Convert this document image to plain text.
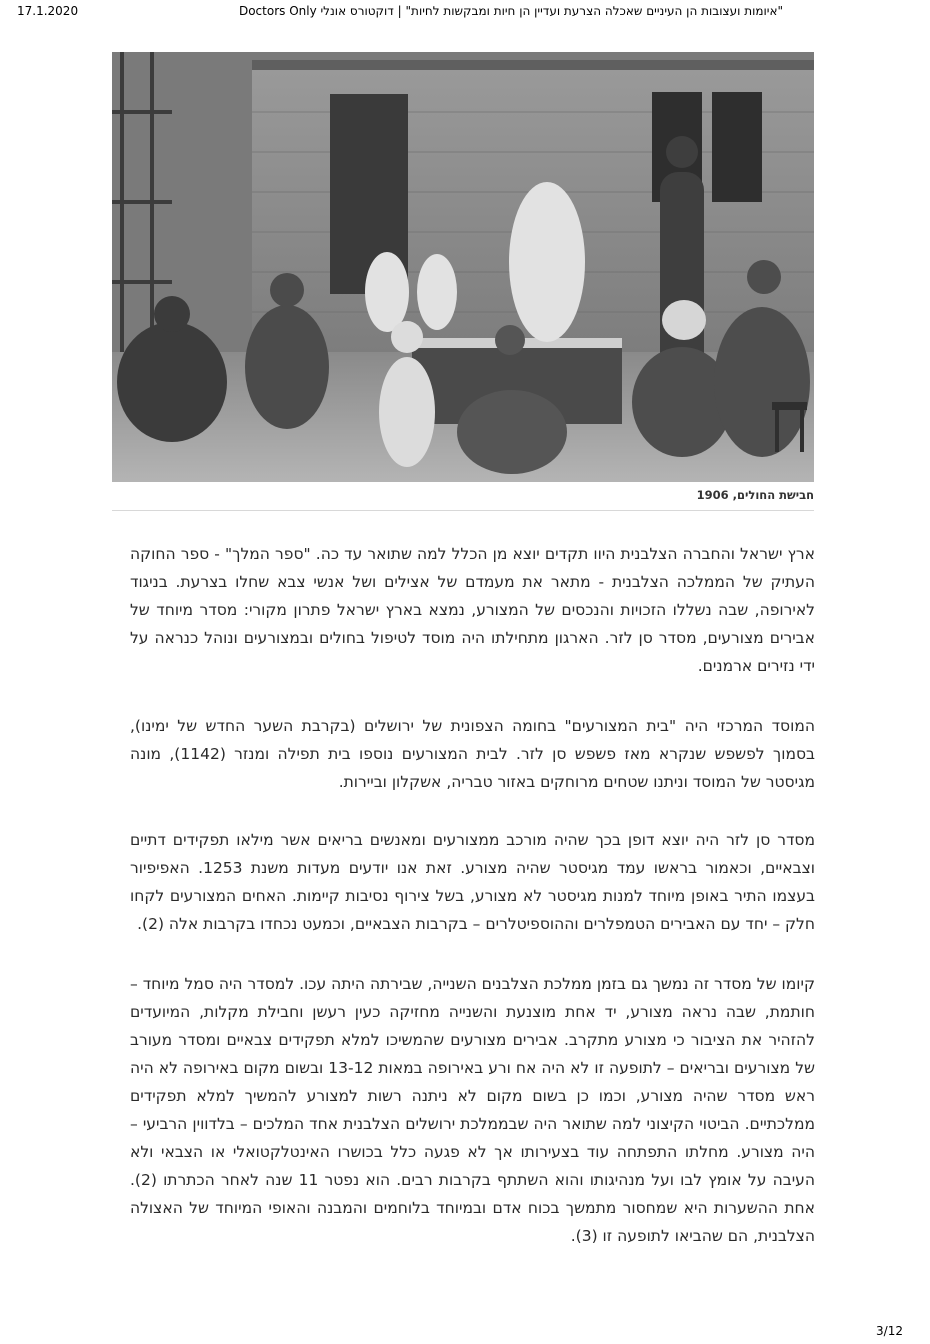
17.1.2020	"איומות ועצובות הן העיניים שאכלה הצרעת ועדיין הן חיות ומבקשות לחיות" | דוקטורס אונלי Doctors Only
חבישת החולים, 1906

ארץ ישראל והחברה הצלבנית היוו תקדים יוצא מן הכלל למה שתואר עד כה. "ספר המלך" - ספר החוקה העתיק של הממלכה הצלבנית - מתאר את מעמדם של אצילים ושל אנשי צבא שחלו בצרעת. בניגוד לאירופה, שבה נשללו הזכויות והנכסים של המצורע, נמצא בארץ ישראל פתרון מקורי: מסדר מיוחד של אבירים מצורעים, מסדר סן לזר. הארגון מתחילתו היה מוסד לטיפול בחולים ובמצורעים ונוהל כנראה על ידי נזירים ארמנים.

המוסד המרכזי היה "בית המצורעים" בחומה הצפונית של ירושלים (בקרבת השער החדש של ימינו), בסמוך לפשפש שנקרא מאז פשפש סן לזר. לבית המצורעים נוספו בית תפילה ומנזר (1142), מונה מגיסטר של המוסד וניתנו שטחים מרוחקים באזור טבריה, אשקלון וביירות.

מסדר סן לזר היה יוצא דופן בכך שהיה מורכב ממצורעים ומאנשים בריאים אשר מילאו תפקידים דתיים וצבאיים, וכאמור בראשו עמד מגיסטר שהיה מצורע. זאת אנו יודעים מעדות משנת 1253. האפיפיור בעצמו התיר באופן מיוחד למנות מגיסטר לא מצורע, בשל צירוף נסיבות קיימות. האחים המצורעים לקחו חלק – יחד עם האבירים הטמפלרים וההוספיטלרים – בקרבות הצבאיים, וכמעט נכחדו בקרבות אלה (2).

קיומו של מסדר זה נמשך גם בזמן ממלכת הצלבנים השנייה, שבירתה היתה עכו. למסדר היה סמל מיוחד – חותמת, שבה נראה מצורע, יד אחת מוצנעת והשנייה מחזיקה כעין רעשן וחבילת מקלות, המיועדים להזהיר את הציבור כי מצורע מתקרב. אבירים מצורעים שהמשיכו למלא תפקידים צבאיים ומסדר מעורב של מצורעים ובריאים – לתופעה זו לא היה אח ורע באירופה במאות 13-12 ובשום מקום באירופה לא היה ראש מסדר שהיה מצורע, וכמו כן בשום מקום לא ניתנה רשות למצורע להמשיך למלא תפקידים ממלכתיים. הביטוי הקיצוני למה שתואר היה שבממלכת ירושלים הצלבנית אחד המלכים – בלדווין הרביעי – היה מצורע. מחלתו התפתחה עוד בצעירותו אך לא פגעה כלל בכושרו האינטלקטואלי או הצבאי ולא העיבה על אומץ לבו ועל מנהיגותו והוא השתתף בקרבות רבים. הוא נפטר 11 שנה לאחר הכתרתו (2). אחת ההשערות היא שמחסור מתמשך בכוח אדם ובמיוחד בלוחמים והמבנה והאופי המיוחד של האצולה הצלבנית, הם שהביאו לתופעה זו (3).

3/12
